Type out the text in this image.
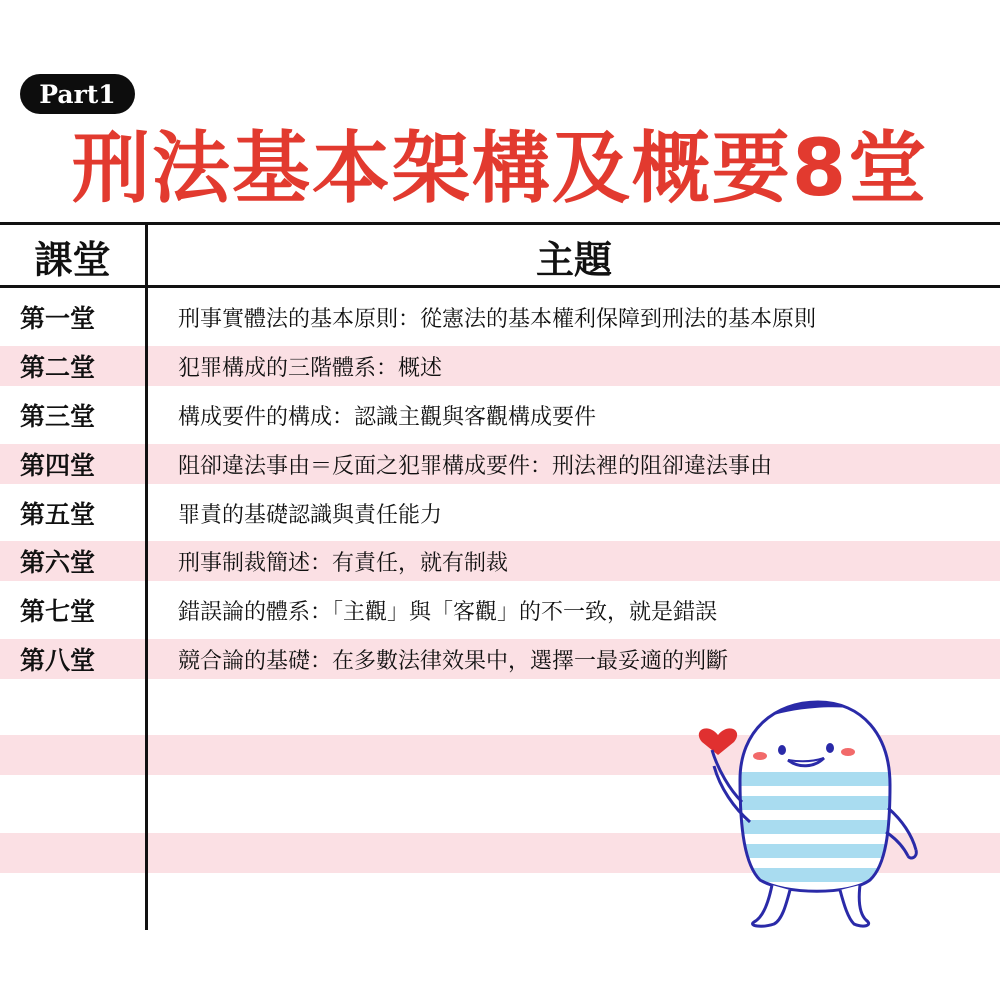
Part1
刑法基本架構及概要8堂
課堂	主題
第一堂	刑事實體法的基本原則：從憲法的基本權利保障到刑法的基本原則
第二堂	犯罪構成的三階體系：概述
第三堂	構成要件的構成：認識主觀與客觀構成要件
第四堂	阻卻違法事由＝反面之犯罪構成要件：刑法裡的阻卻違法事由
第五堂	罪責的基礎認識與責任能力
第六堂	刑事制裁簡述：有責任，就有制裁
第七堂	錯誤論的體系：「主觀」與「客觀」的不一致，就是錯誤
第八堂	競合論的基礎：在多數法律效果中，選擇一最妥適的判斷
